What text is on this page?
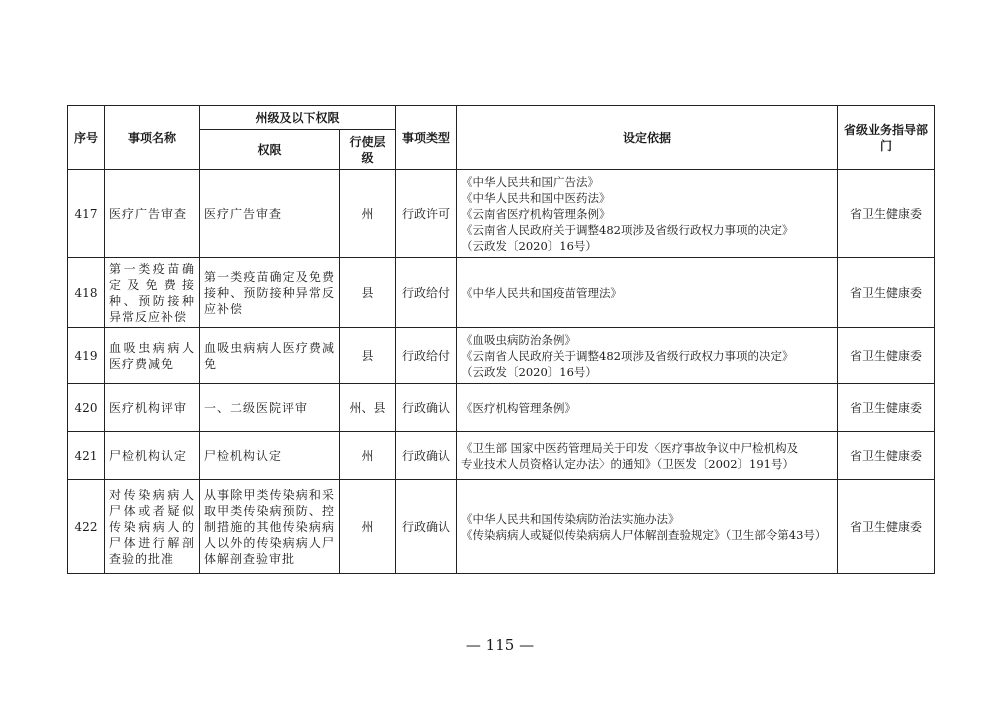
序号	事项名称	州级及以下权限		事项类型	设定依据	省级业务指导部门
		权限	行使层级			
417	医疗广告审查	医疗广告审查	州	行政许可	《中华人民共和国广告法》
《中华人民共和国中医药法》
《云南省医疗机构管理条例》
《云南省人民政府关于调整482项涉及省级行政权力事项的决定》
（云政发〔2020〕16号）	省卫生健康委
418	第一类疫苗确定及免费接种、预防接种异常反应补偿	第一类疫苗确定及免费接种、预防接种异常反应补偿	县	行政给付	《中华人民共和国疫苗管理法》	省卫生健康委
419	血吸虫病病人医疗费减免	血吸虫病病人医疗费减免	县	行政给付	《血吸虫病防治条例》
《云南省人民政府关于调整482项涉及省级行政权力事项的决定》
（云政发〔2020〕16号）	省卫生健康委
420	医疗机构评审	一、二级医院评审	州、县	行政确认	《医疗机构管理条例》	省卫生健康委
421	尸检机构认定	尸检机构认定	州	行政确认	《卫生部 国家中医药管理局关于印发〈医疗事故争议中尸检机构及
专业技术人员资格认定办法〉的通知》（卫医发〔2002〕191号）	省卫生健康委
422	对传染病病人尸体或者疑似传染病病人的尸体进行解剖查验的批准	从事除甲类传染病和采取甲类传染病预防、控制措施的其他传染病病人以外的传染病病人尸体解剖查验审批	州	行政确认	《中华人民共和国传染病防治法实施办法》
《传染病病人或疑似传染病病人尸体解剖查验规定》（卫生部令第43号）	省卫生健康委
— 115 —
